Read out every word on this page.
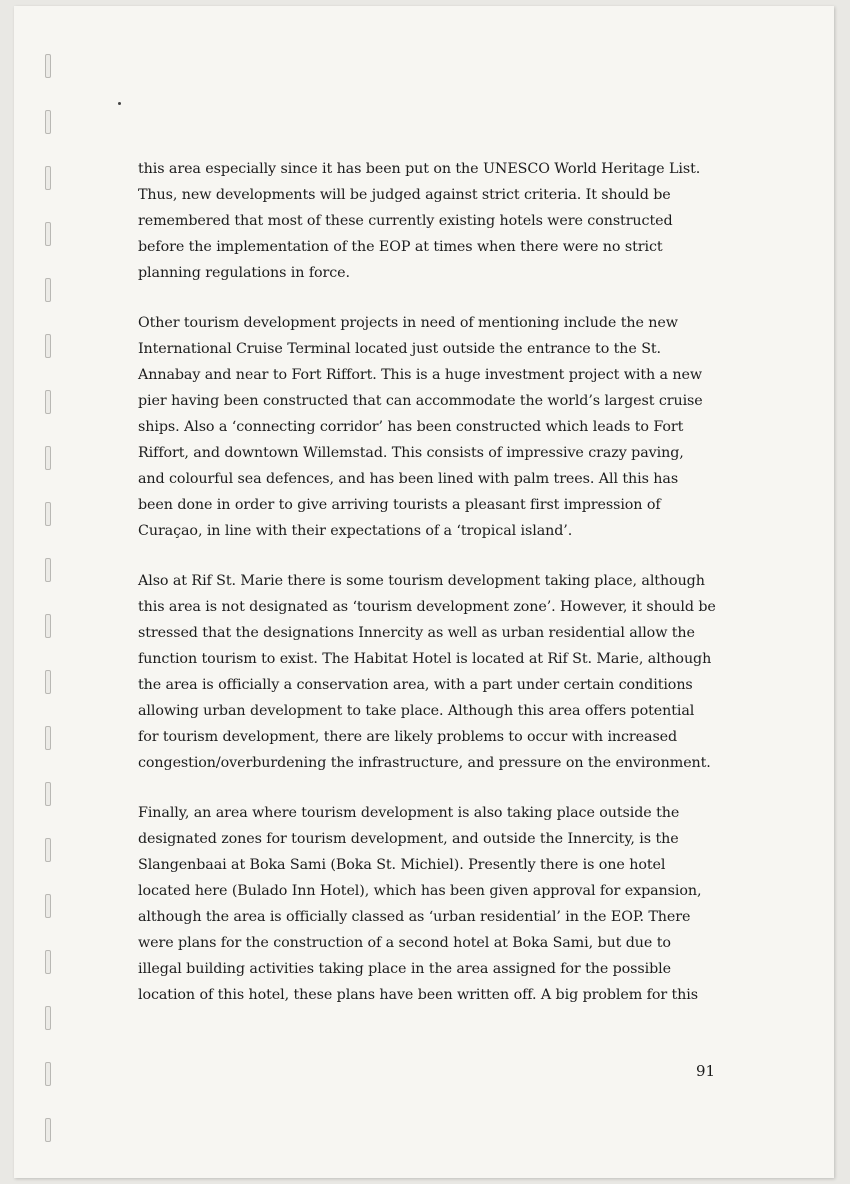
this area especially since it has been put on the UNESCO World Heritage List.
Thus, new developments will be judged against strict criteria. It should be
remembered that most of these currently existing hotels were constructed
before the implementation of the EOP at times when there were no strict
planning regulations in force.
Other tourism development projects in need of mentioning include the new
International Cruise Terminal located just outside the entrance to the St.
Annabay and near to Fort Riffort. This is a huge investment project with a new
pier having been constructed that can accommodate the world’s largest cruise
ships. Also a ‘connecting corridor’ has been constructed which leads to Fort
Riffort, and downtown Willemstad. This consists of impressive crazy paving,
and colourful sea defences, and has been lined with palm trees. All this has
been done in order to give arriving tourists a pleasant first impression of
Curaçao, in line with their expectations of a ‘tropical island’.
Also at Rif St. Marie there is some tourism development taking place, although
this area is not designated as ‘tourism development zone’. However, it should be
stressed that the designations Innercity as well as urban residential allow the
function tourism to exist. The Habitat Hotel is located at Rif St. Marie, although
the area is officially a conservation area, with a part under certain conditions
allowing urban development to take place. Although this area offers potential
for tourism development, there are likely problems to occur with increased
congestion/overburdening the infrastructure, and pressure on the environment.
Finally, an area where tourism development is also taking place outside the
designated zones for tourism development, and outside the Innercity, is the
Slangenbaai at Boka Sami (Boka St. Michiel). Presently there is one hotel
located here (Bulado Inn Hotel), which has been given approval for expansion,
although the area is officially classed as ‘urban residential’ in the EOP. There
were plans for the construction of a second hotel at Boka Sami, but due to
illegal building activities taking place in the area assigned for the possible
location of this hotel, these plans have been written off. A big problem for this
91
